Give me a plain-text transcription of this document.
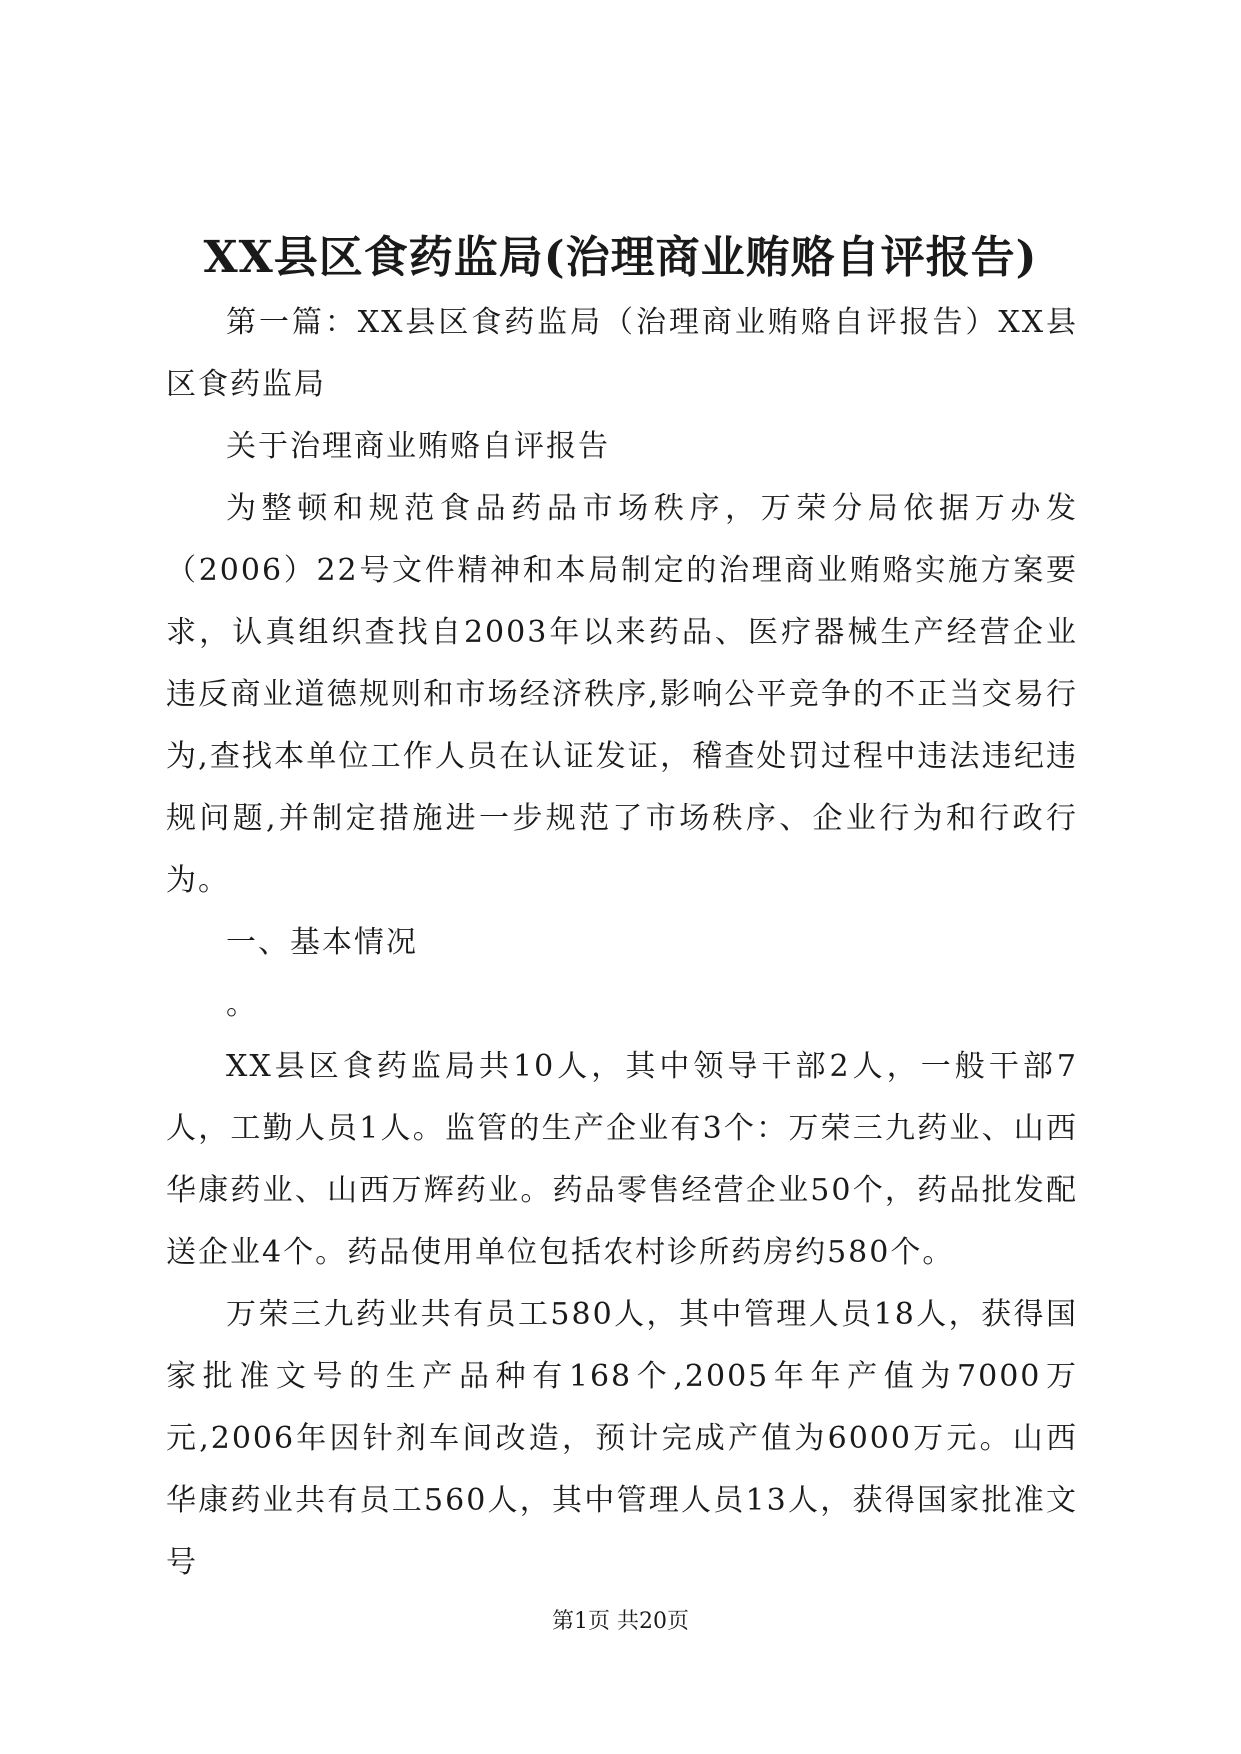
XX县区食药监局(治理商业贿赂自评报告)

第一篇：XX县区食药监局（治理商业贿赂自评报告）XX县区食药监局

关于治理商业贿赂自评报告

为整顿和规范食品药品市场秩序，万荣分局依据万办发（2006）22号文件精神和本局制定的治理商业贿赂实施方案要求，认真组织查找自2003年以来药品、医疗器械生产经营企业违反商业道德规则和市场经济秩序,影响公平竞争的不正当交易行为,查找本单位工作人员在认证发证，稽查处罚过程中违法违纪违规问题,并制定措施进一步规范了市场秩序、企业行为和行政行为。

一、基本情况

。

XX县区食药监局共10人，其中领导干部2人，一般干部7人，工勤人员1人。监管的生产企业有3个：万荣三九药业、山西华康药业、山西万辉药业。药品零售经营企业50个，药品批发配送企业4个。药品使用单位包括农村诊所药房约580个。

万荣三九药业共有员工580人，其中管理人员18人，获得国家批准文号的生产品种有168个,2005年年产值为7000万元,2006年因针剂车间改造，预计完成产值为6000万元。山西华康药业共有员工560人，其中管理人员13人，获得国家批准文号

第1页 共20页
